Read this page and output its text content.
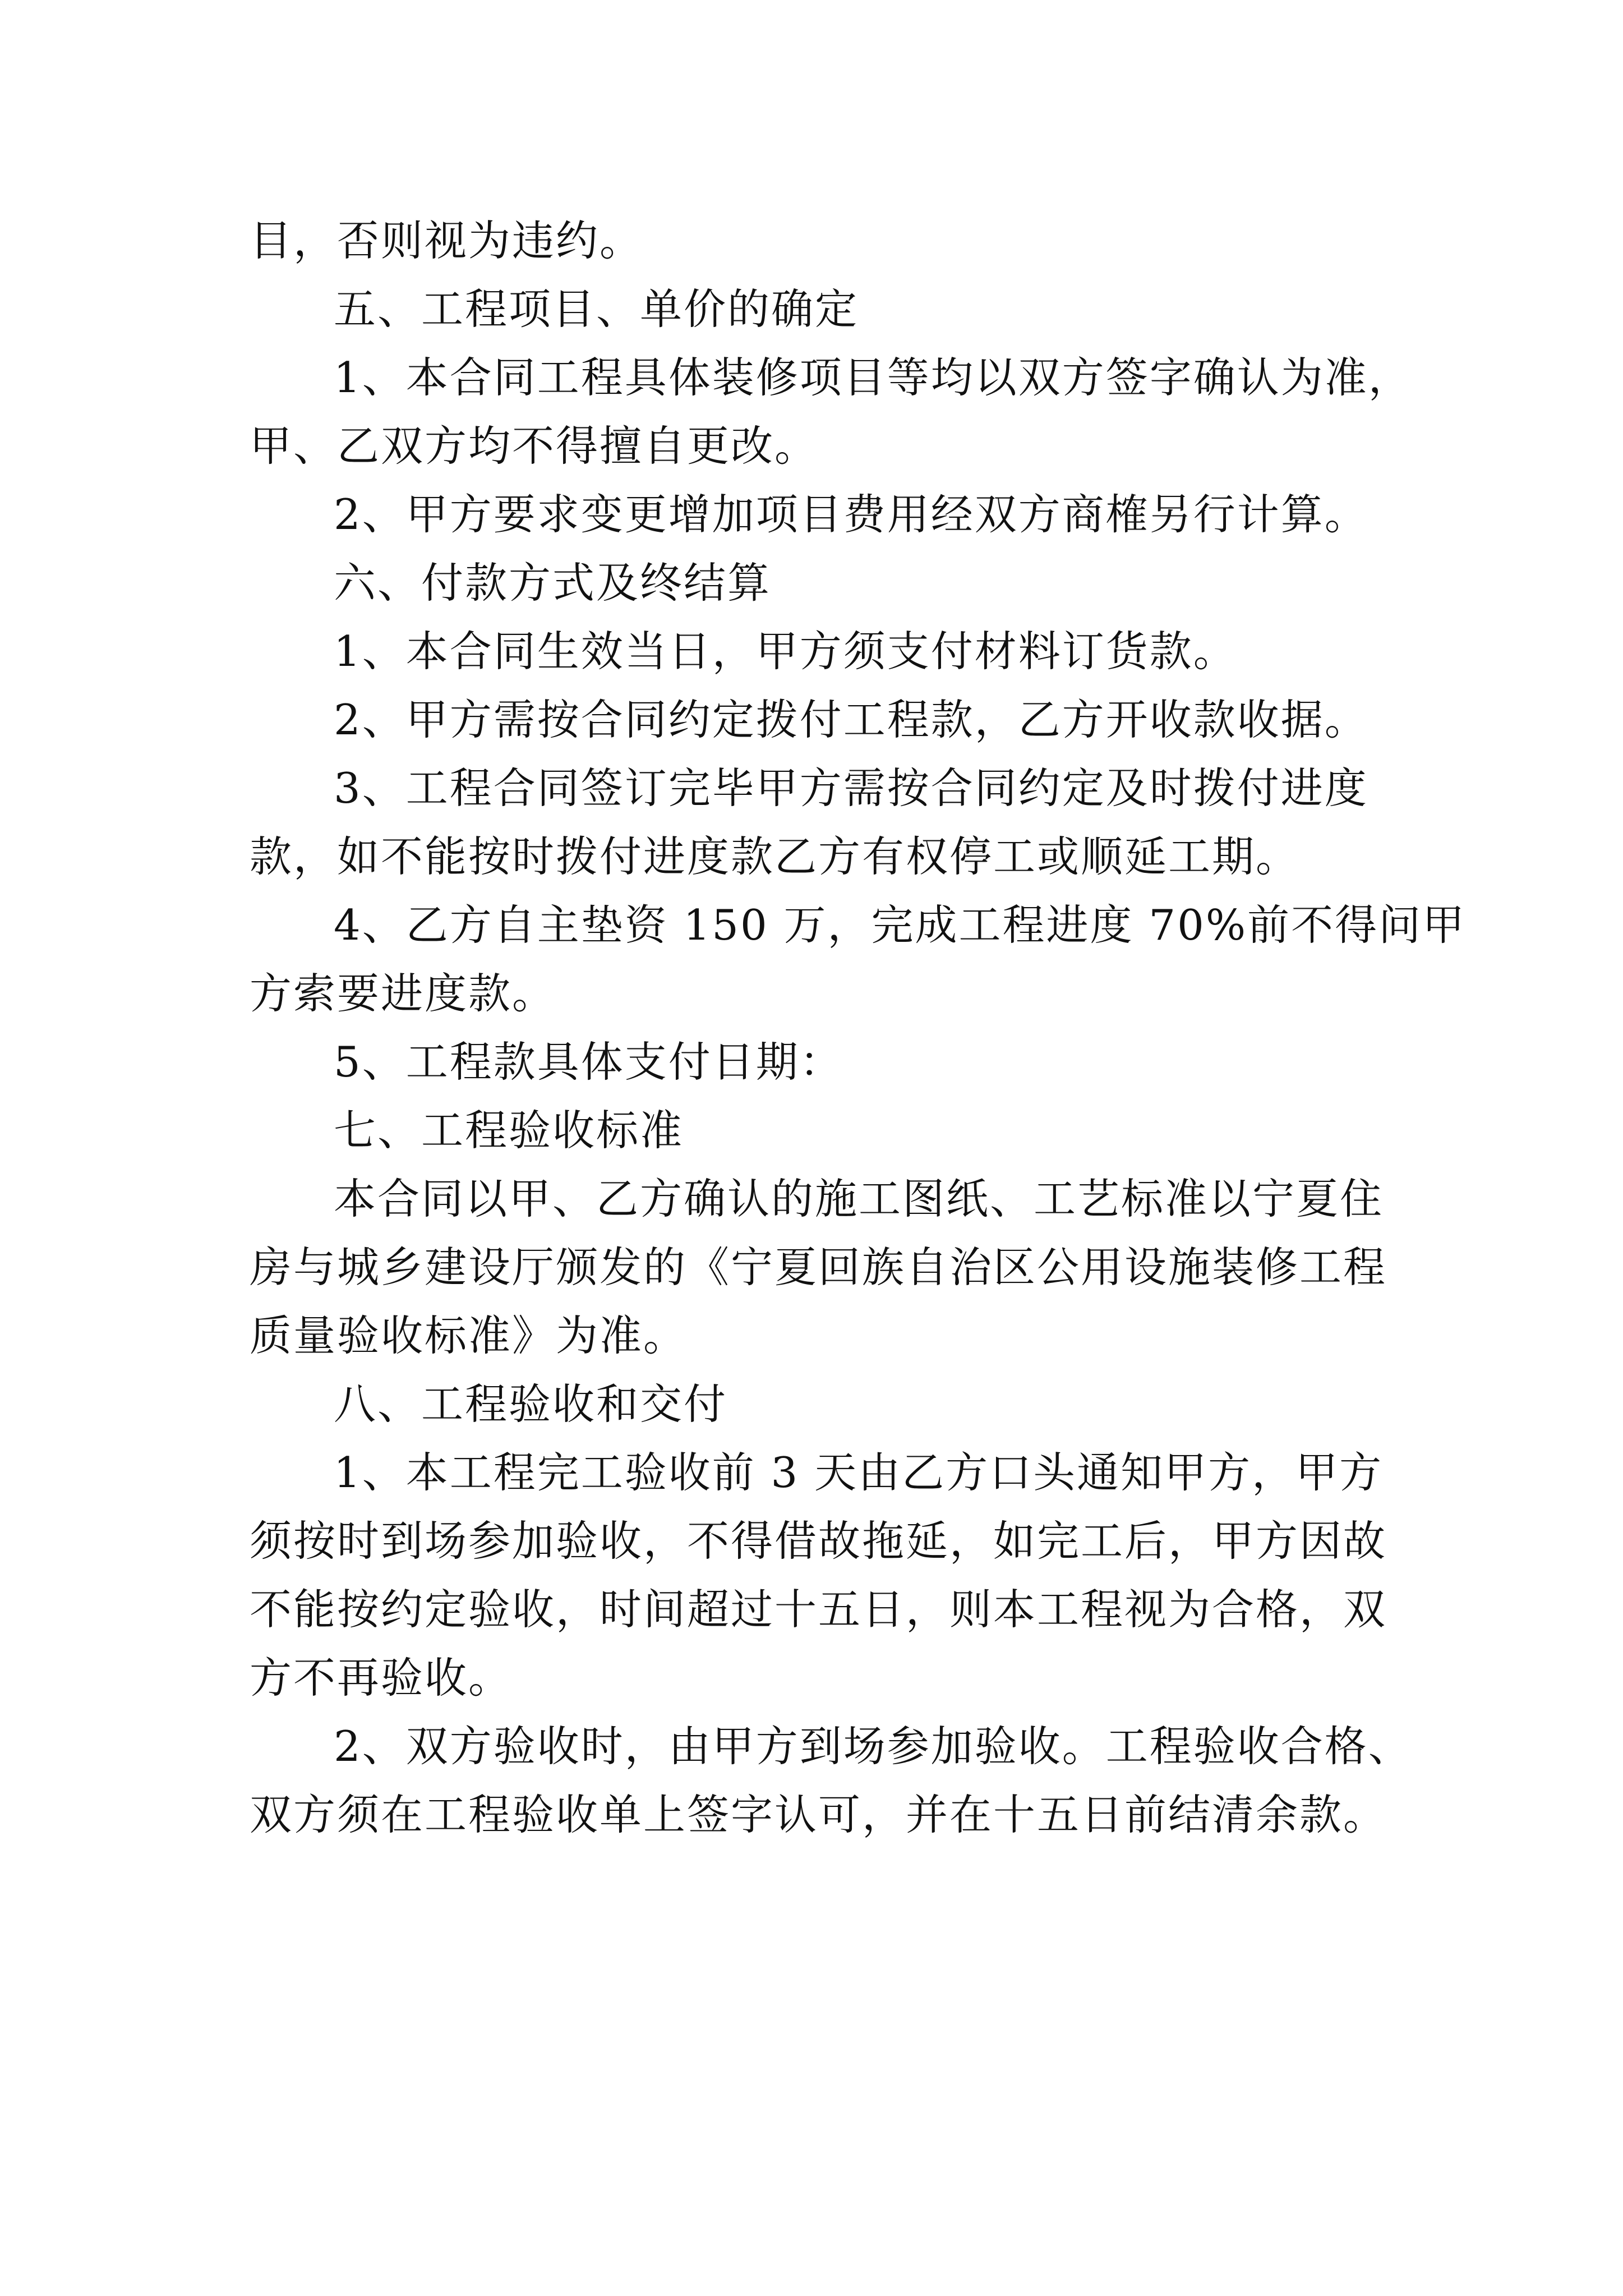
目，否则视为违约。
五、工程项目、单价的确定
1、本合同工程具体装修项目等均以双方签字确认为准，
甲、乙双方均不得擅自更改。
2、甲方要求变更增加项目费用经双方商榷另行计算。
六、付款方式及终结算
1、本合同生效当日，甲方须支付材料订货款。
2、甲方需按合同约定拨付工程款，乙方开收款收据。
3、工程合同签订完毕甲方需按合同约定及时拨付进度
款，如不能按时拨付进度款乙方有权停工或顺延工期。
4、乙方自主垫资 150 万，完成工程进度 70%前不得问甲
方索要进度款。
5、工程款具体支付日期：
七、工程验收标准
本合同以甲、乙方确认的施工图纸、工艺标准以宁夏住
房与城乡建设厅颁发的《宁夏回族自治区公用设施装修工程
质量验收标准》为准。
八、工程验收和交付
1、本工程完工验收前 3 天由乙方口头通知甲方，甲方
须按时到场参加验收，不得借故拖延，如完工后，甲方因故
不能按约定验收，时间超过十五日，则本工程视为合格，双
方不再验收。
2、双方验收时，由甲方到场参加验收。工程验收合格、
双方须在工程验收单上签字认可，并在十五日前结清余款。
